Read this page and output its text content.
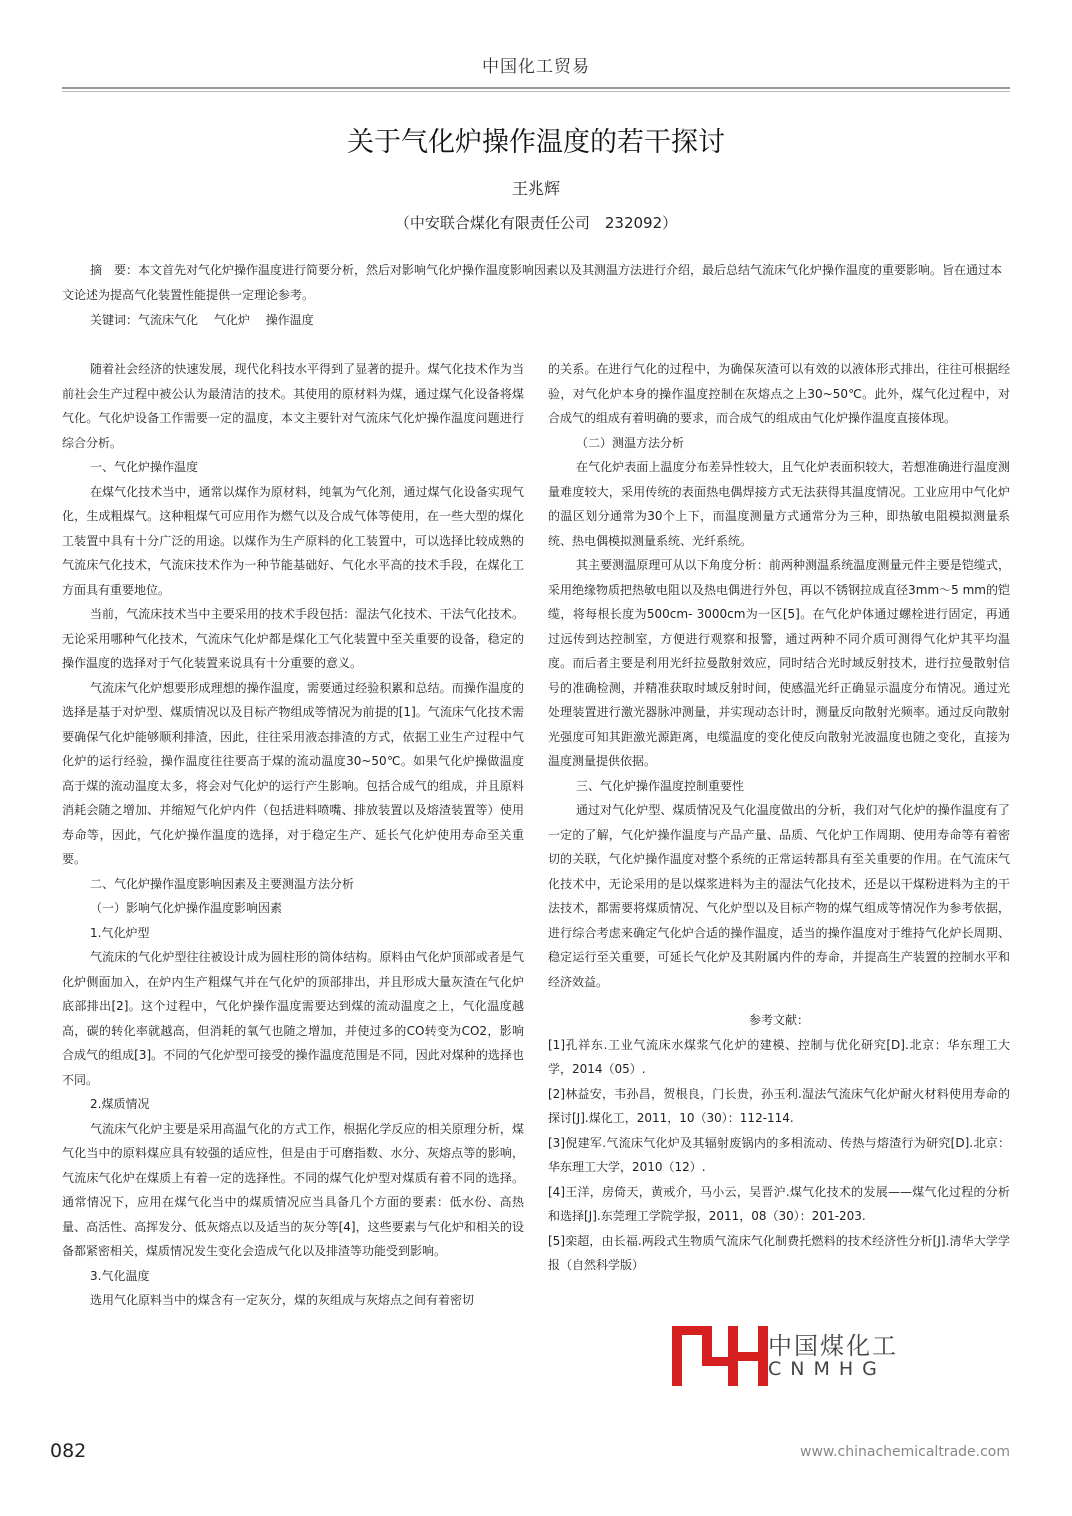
中国化工贸易
关于气化炉操作温度的若干探讨
王兆辉
（中安联合煤化有限责任公司　232092）
摘　要：本文首先对气化炉操作温度进行简要分析，然后对影响气化炉操作温度影响因素以及其测温方法进行介绍，最后总结气流床气化炉操作温度的重要影响。旨在通过本文论述为提高气化装置性能提供一定理论参考。
关键词：气流床气化　 气化炉　 操作温度

随着社会经济的快速发展，现代化科技水平得到了显著的提升。煤气化技术作为当前社会生产过程中被公认为最清洁的技术。其使用的原材料为煤，通过煤气化设备将煤气化。气化炉设备工作需要一定的温度，本文主要针对气流床气化炉操作温度问题进行综合分析。

一、气化炉操作温度

在煤气化技术当中，通常以煤作为原材料，纯氧为气化剂，通过煤气化设备实现气化，生成粗煤气。这种粗煤气可应用作为燃气以及合成气体等使用，在一些大型的煤化工装置中具有十分广泛的用途。以煤作为生产原料的化工装置中，可以选择比较成熟的气流床气化技术，气流床技术作为一种节能基础好、气化水平高的技术手段，在煤化工方面具有重要地位。

当前，气流床技术当中主要采用的技术手段包括：湿法气化技术、干法气化技术。无论采用哪种气化技术，气流床气化炉都是煤化工气化装置中至关重要的设备，稳定的操作温度的选择对于气化装置来说具有十分重要的意义。

气流床气化炉想要形成理想的操作温度，需要通过经验积累和总结。而操作温度的选择是基于对炉型、煤质情况以及目标产物组成等情况为前提的[1]。气流床气化技术需要确保气化炉能够顺利排渣，因此，往往采用液态排渣的方式，依据工业生产过程中气化炉的运行经验，操作温度往往要高于煤的流动温度30~50℃。如果气化炉操做温度高于煤的流动温度太多，将会对气化炉的运行产生影响。包括合成气的组成，并且原料消耗会随之增加、并缩短气化炉内件（包括进料喷嘴、排放装置以及熔渣装置等）使用寿命等，因此，气化炉操作温度的选择，对于稳定生产、延长气化炉使用寿命至关重要。

二、气化炉操作温度影响因素及主要测温方法分析
（一）影响气化炉操作温度影响因素
1.气化炉型

气流床的气化炉型往往被设计成为圆柱形的筒体结构。原料由气化炉顶部或者是气化炉侧面加入，在炉内生产粗煤气并在气化炉的顶部排出，并且形成大量灰渣在气化炉底部排出[2]。这个过程中，气化炉操作温度需要达到煤的流动温度之上，气化温度越高，碳的转化率就越高，但消耗的氧气也随之增加，并使过多的CO转变为CO2，影响合成气的组成[3]。不同的气化炉型可接受的操作温度范围是不同，因此对煤种的选择也不同。

2.煤质情况

气流床气化炉主要是采用高温气化的方式工作，根据化学反应的相关原理分析，煤气化当中的原料煤应具有较强的适应性，但是由于可磨指数、水分、灰熔点等的影响，气流床气化炉在煤质上有着一定的选择性。不同的煤气化炉型对煤质有着不同的选择。通常情况下，应用在煤气化当中的煤质情况应当具备几个方面的要素：低水份、高热量、高活性、高挥发分、低灰熔点以及适当的灰分等[4]，这些要素与气化炉和相关的设备都紧密相关，煤质情况发生变化会造成气化以及排渣等功能受到影响。

3.气化温度

选用气化原料当中的煤含有一定灰分，煤的灰组成与灰熔点之间有着密切

的关系。在进行气化的过程中，为确保灰渣可以有效的以液体形式排出，往往可根据经验，对气化炉本身的操作温度控制在灰熔点之上30~50℃。此外，煤气化过程中，对合成气的组成有着明确的要求，而合成气的组成由气化炉操作温度直接体现。

（二）测温方法分析

在气化炉表面上温度分布差异性较大，且气化炉表面积较大，若想准确进行温度测量难度较大，采用传统的表面热电偶焊接方式无法获得其温度情况。工业应用中气化炉的温区划分通常为30个上下，而温度测量方式通常分为三种，即热敏电阻模拟测量系统、热电偶模拟测量系统、光纤系统。

其主要测温原理可从以下角度分析：前两种测温系统温度测量元件主要是铠缆式，采用绝缘物质把热敏电阻以及热电偶进行外包，再以不锈钢拉成直径3mm～5 mm的铠缆，将每根长度为500cm- 3000cm为一区[5]。在气化炉体通过螺栓进行固定，再通过远传到达控制室，方便进行观察和报警，通过两种不同介质可测得气化炉其平均温度。而后者主要是利用光纤拉曼散射效应，同时结合光时域反射技术，进行拉曼散射信号的准确检测，并精准获取时域反射时间，使感温光纤正确显示温度分布情况。通过光处理装置进行激光器脉冲测量，并实现动态计时，测量反向散射光频率。通过反向散射光强度可知其距激光源距离，电缆温度的变化使反向散射光波温度也随之变化，直接为温度测量提供依据。

三、气化炉操作温度控制重要性

通过对气化炉型、煤质情况及气化温度做出的分析，我们对气化炉的操作温度有了一定的了解，气化炉操作温度与产品产量、品质、气化炉工作周期、使用寿命等有着密切的关联，气化炉操作温度对整个系统的正常运转都具有至关重要的作用。在气流床气化技术中，无论采用的是以煤浆进料为主的湿法气化技术，还是以干煤粉进料为主的干法技术，都需要将煤质情况、气化炉型以及目标产物的煤气组成等情况作为参考依据，进行综合考虑来确定气化炉合适的操作温度，适当的操作温度对于维持气化炉长周期、稳定运行至关重要，可延长气化炉及其附属内件的寿命，并提高生产装置的控制水平和经济效益。

参考文献：

[1]孔祥东.工业气流床水煤浆气化炉的建模、控制与优化研究[D].北京：华东理工大学，2014（05）.

[2]林益安，韦孙昌，贺根良，门长贵，孙玉利.湿法气流床气化炉耐火材料使用寿命的探讨[J].煤化工，2011，10（30）：112-114.

[3]倪建军.气流床气化炉及其辐射废锅内的多相流动、传热与熔渣行为研究[D].北京：华东理工大学，2010（12）.

[4]王洋，房倚天，黄戒介，马小云，吴晋沪.煤气化技术的发展——煤气化过程的分析和选择[J].东莞理工学院学报，2011，08（30）：201-203.

[5]栾超，由长福.两段式生物质气流床气化制费托燃料的技术经济性分析[J].清华大学学报（自然科学版）

中国煤化工
CNMHG
082	www.chinachemicaltrade.com
